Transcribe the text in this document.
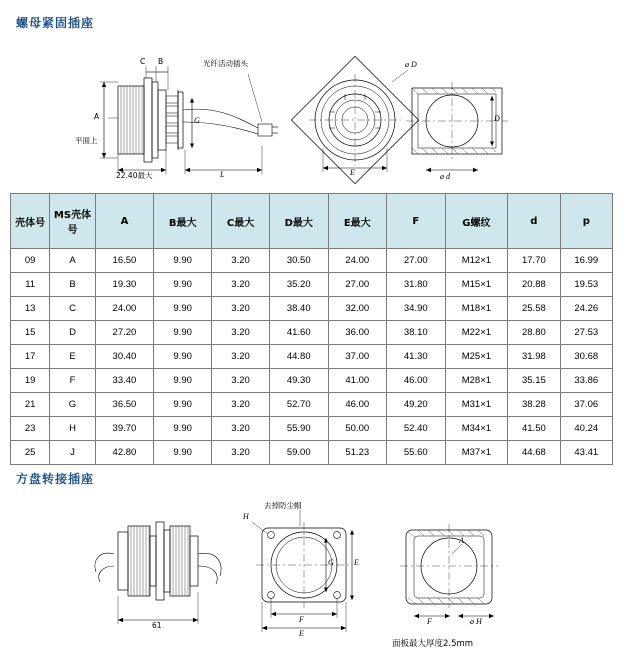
螺母紧固插座
C B
A
平面上
光纤活动插头
22.40最大	L
G
E
ø D
D
ø d
壳体号	MS壳体号	A	B最大	C最大	D最大	E最大	F	G螺纹	d	p
09	A	16.50	9.90	3.20	30.50	24.00	27.00	M12×1	17.70	16.99
11	B	19.30	9.90	3.20	35.20	27.00	31.80	M15×1	20.88	19.53
13	C	24.00	9.90	3.20	38.40	32.00	34.90	M18×1	25.58	24.26
15	D	27.20	9.90	3.20	41.60	36.00	38.10	M22×1	28.80	27.53
17	E	30.40	9.90	3.20	44.80	37.00	41.30	M25×1	31.98	30.68
19	F	33.40	9.90	3.20	49.30	41.00	46.00	M28×1	35.15	33.86
21	G	36.50	9.90	3.20	52.70	46.00	49.20	M31×1	38.28	37.06
23	H	39.70	9.90	3.20	55.90	50.00	52.40	M34×1	41.50	40.24
25	J	42.80	9.90	3.20	59.00	51.23	55.60	M37×1	44.68	43.41
方盘转接插座
去掉防尘帽
H
G	E
F
E
61
A
F	ø H
面板最大厚度2.5mm
